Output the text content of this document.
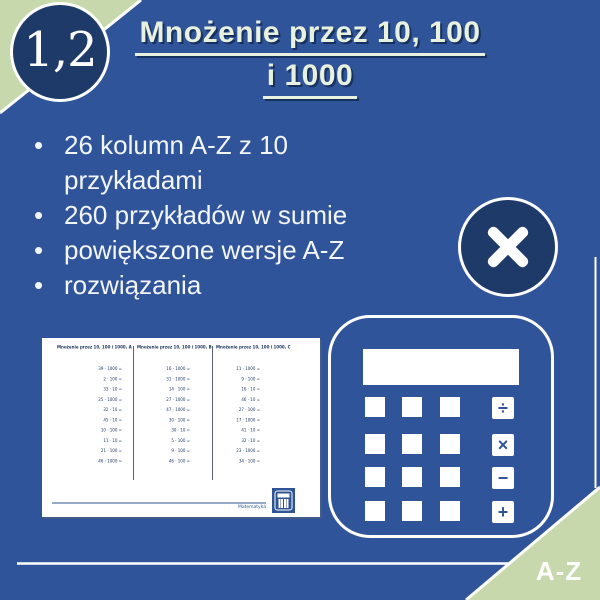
1,2	Mnożenie przez 10, 100
i 1000
• 26 kolumn A-Z z 10 przykładami
• 260 przykładów w sumie
• powiększone wersje A-Z
• rozwiązania
Mnożenie przez 10, 100 i 1000, A
39 · 1000 =
2 · 100 =
33 · 10 =
25 · 1000 =
32 · 10 =
45 · 10 =
10 · 100 =
11 · 10 =
21 · 100 =
46 · 1000 =
Mnożenie przez 10, 100 i 1000, B
16 · 1000 =
31 · 1000 =
14 · 100 =
27 · 1000 =
47 · 1000 =
30 · 100 =
30 · 10 =
5 · 100 =
9 · 100 =
46 · 100 =
Mnożenie przez 10, 100 i 1000, C
11 · 1000 =
9 · 100 =
16 · 10 =
46 · 10 =
27 · 100 =
17 · 1000 =
41 · 10 =
32 · 10 =
23 · 1000 =
34 · 100 =
Matematyka
÷
×
−
+
A-Z
